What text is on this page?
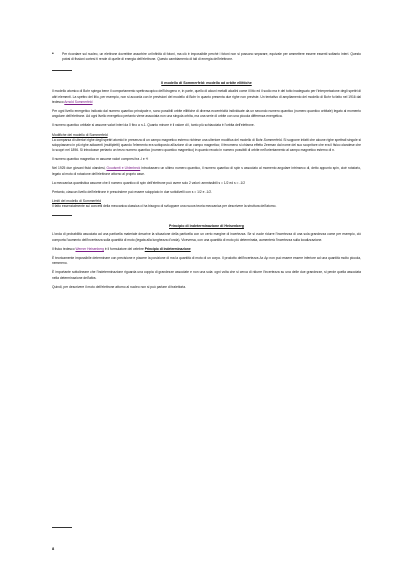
•	Per ricordare sul nucleo, un elettrone dovrebbe assorbire un'infinità di fotoni, ma ciò è impossibile perché i fotoni non si possono separare, equivale per ammettere essere essenti soltanto interi. Questo potrai di fissioni cortesi ti rende di quelle di energia dell'elettrone. Questo cambiamento di tali di energia dell'elettrone.

Il modello di Sommerfeld: modello ad orbite ellittiche

Il modello atomico di Bohr spiega bene il comportamento spettroscopico dell'idrogeno e, in parte, quello di alcuni metalli alcalini come il litio ed il sodio ma è del tutto inadeguato per l'interpretazione degli spettri di altri elementi. La spettro del litio, per esempio, non si accorda con le previsioni del modello di Bohr in quanto presenta due righe non previste. Un tentativo di ampliamento del modello di Bohr fu fatto nel 1916 dal tedesco Arnold Sommerfeld

Per ogni livello energetico indicato dal numero quantico principale n, sono possibili orbite ellittiche di diversa eccentricità individuate da un secondo numero quantico (numero quantico orbitale) legato al momento angolare dell'elettrone. Ad ogni livello energetico pertanto viene associata non una singola orbita, ma una serie di orbite con una piccola differenza energetica.

Il numero quantico orbitale si assume valori interi da 0 fino a n-1. Quanto minore è il valore di l, tanto più schiacciata è l'orbita dell'elettrone.

Modifiche del modello di Sommerfeld

La comparsa di ulteriori righe degli spettri atomici in presenza di un campo magnetico esterno richiese una ulteriore modifica del modello di Bohr-Sommerfeld. Si suppone infatti che alcune righe spettrali singole si sdoppiassero in più righe adiacenti (multipletti) quando l'elemento era sottoposto all'azione di un campo magnetico; il fenomeno si chiama effetto Zeeman dal nome del suo scopritore che era il fisico olandese che lo scoprì nel 1896. Si introdusse pertanto un terzo numero quantico (numero quantico magnetico) in quanto recato in numero possibili di orbite nell'orientamento al campo magnetico esterno di n.

Il numero quantico magnetico m assume valori compresi tra -l e +l

Nel 1925 due giovani fisici olandesi, Goudsmit e Uhlenbeck introdussero un ultimo numero quantico, il numero quantico di spin s associato al momento angolare intrinseco di, detto appunto spin, cioè rotatorio, legato al moto di rotazione dell'elettrone attorno al proprio asse.

La meccanica quantistica assume che il numero quantico di spin dell'elettrone può avere solo 2 valori: ammissibili s = 1/2 ed s = -1/2

Pertanto, ciascun livello dell'elettrone è prescindere può essere sdoppiato in due sottolivelli con s = 1/2 e -1/2.

Limiti del modello di Sommerfeld

Il fatto essenzialmente sui concetti della meccanica classica ci ha bisogno di sviluppare una nuova teoria meccanica per descrivere la struttura dell'atomo.

Principio di indeterminazione di Heisenberg

L'onda di probabilità associata ad una particella materiale descrive la situazione della particella con un certo margine di incertezza. Se si vuole ridurre l'incertezza di una sola grandezza come per esempio, ciò comporta l'aumento dell'incertezza sulla quantità di moto (legata alla lunghezza d'onda). Viceversa, con una quantità di moto più determinata, aumenterà l'incertezza sulla localizzazione.

Il fisico tedesco Werner Heisenberg è il formulatore del celebre Principio di indeterminazione

È teoricamente impossibile determinare con precisione e piacere la posizione di ma la quantità di moto di un corpo. Il prodotto dell'incertezza Δx Δp non può essere essere inferiore ad una quantità molto piccola, nemmeno.

È importante sottolineare che l'indeterminazione riguarda una coppia di grandezze associate e non una sola: ogni volta che si cerca di ridurre l'incertezza su una delle due grandezze, si perde quella associata nella determinazione dell'altra.

Quindi, per descrivere il moto dell'elettrone attorno al nucleo non si può parlare di traiettoria.

8
